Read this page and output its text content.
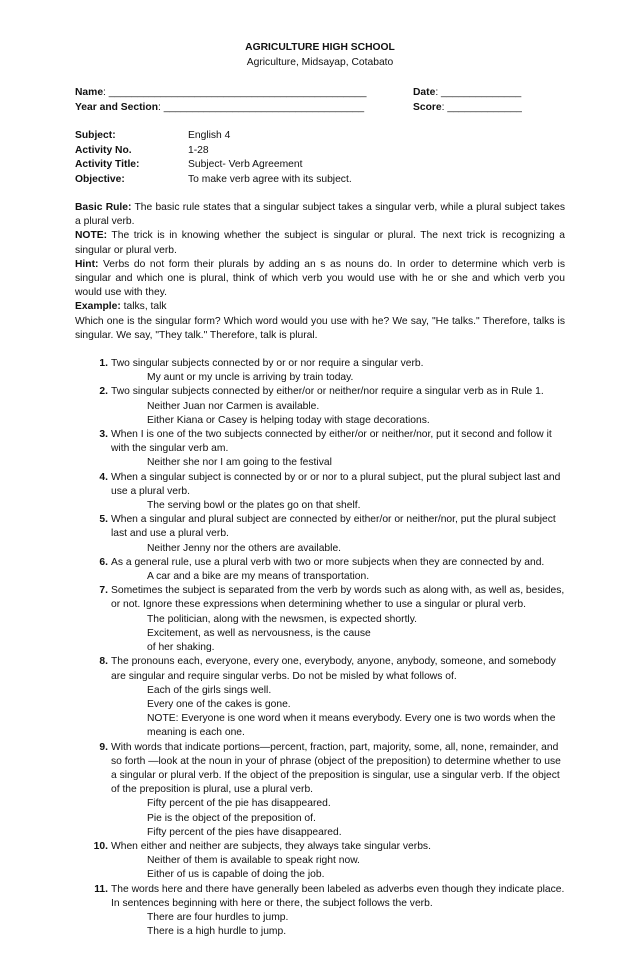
AGRICULTURE HIGH SCHOOL
Agriculture, Midsayap, Cotabato
Name: _____________________________________________	Date: ______________
Year and Section: ___________________________________	Score: _____________
Subject:	English 4
Activity No.	1-28
Activity Title:	Subject- Verb Agreement
Objective:	To make verb agree with its subject.

Basic Rule: The basic rule states that a singular subject takes a singular verb, while a plural subject takes a plural verb.

NOTE: The trick is in knowing whether the subject is singular or plural. The next trick is recognizing a singular or plural verb.

Hint: Verbs do not form their plurals by adding an s as nouns do. In order to determine which verb is singular and which one is plural, think of which verb you would use with he or she and which verb you would use with they.

Example: talks, talk

Which one is the singular form? Which word would you use with he? We say, "He talks." Therefore, talks is singular. We say, "They talk." Therefore, talk is plural.

1. Two singular subjects connected by or or nor require a singular verb.
My aunt or my uncle is arriving by train today.
2. Two singular subjects connected by either/or or neither/nor require a singular verb as in Rule 1.
Neither Juan nor Carmen is available.
Either Kiana or Casey is helping today with stage decorations.
3. When I is one of the two subjects connected by either/or or neither/nor, put it second and follow it with the singular verb am.
Neither she nor I am going to the festival
4. When a singular subject is connected by or or nor to a plural subject, put the plural subject last and use a plural verb.
The serving bowl or the plates go on that shelf.
5. When a singular and plural subject are connected by either/or or neither/nor, put the plural subject last and use a plural verb.
Neither Jenny nor the others are available.
6. As a general rule, use a plural verb with two or more subjects when they are connected by and.
A car and a bike are my means of transportation.
7. Sometimes the subject is separated from the verb by words such as along with, as well as, besides, or not. Ignore these expressions when determining whether to use a singular or plural verb.
The politician, along with the newsmen, is expected shortly.
Excitement, as well as nervousness, is the cause
of her shaking.
8. The pronouns each, everyone, every one, everybody, anyone, anybody, someone, and somebody are singular and require singular verbs. Do not be misled by what follows of.
Each of the girls sings well.
Every one of the cakes is gone.
NOTE: Everyone is one word when it means everybody. Every one is two words when the meaning is each one.
9. With words that indicate portions—percent, fraction, part, majority, some, all, none, remainder, and so forth —look at the noun in your of phrase (object of the preposition) to determine whether to use a singular or plural verb. If the object of the preposition is singular, use a singular verb. If the object of the preposition is plural, use a plural verb.
Fifty percent of the pie has disappeared.
Pie is the object of the preposition of.
Fifty percent of the pies have disappeared.
10. When either and neither are subjects, they always take singular verbs.
Neither of them is available to speak right now.
Either of us is capable of doing the job.
11. The words here and there have generally been labeled as adverbs even though they indicate place. In sentences beginning with here or there, the subject follows the verb.
There are four hurdles to jump.
There is a high hurdle to jump.
